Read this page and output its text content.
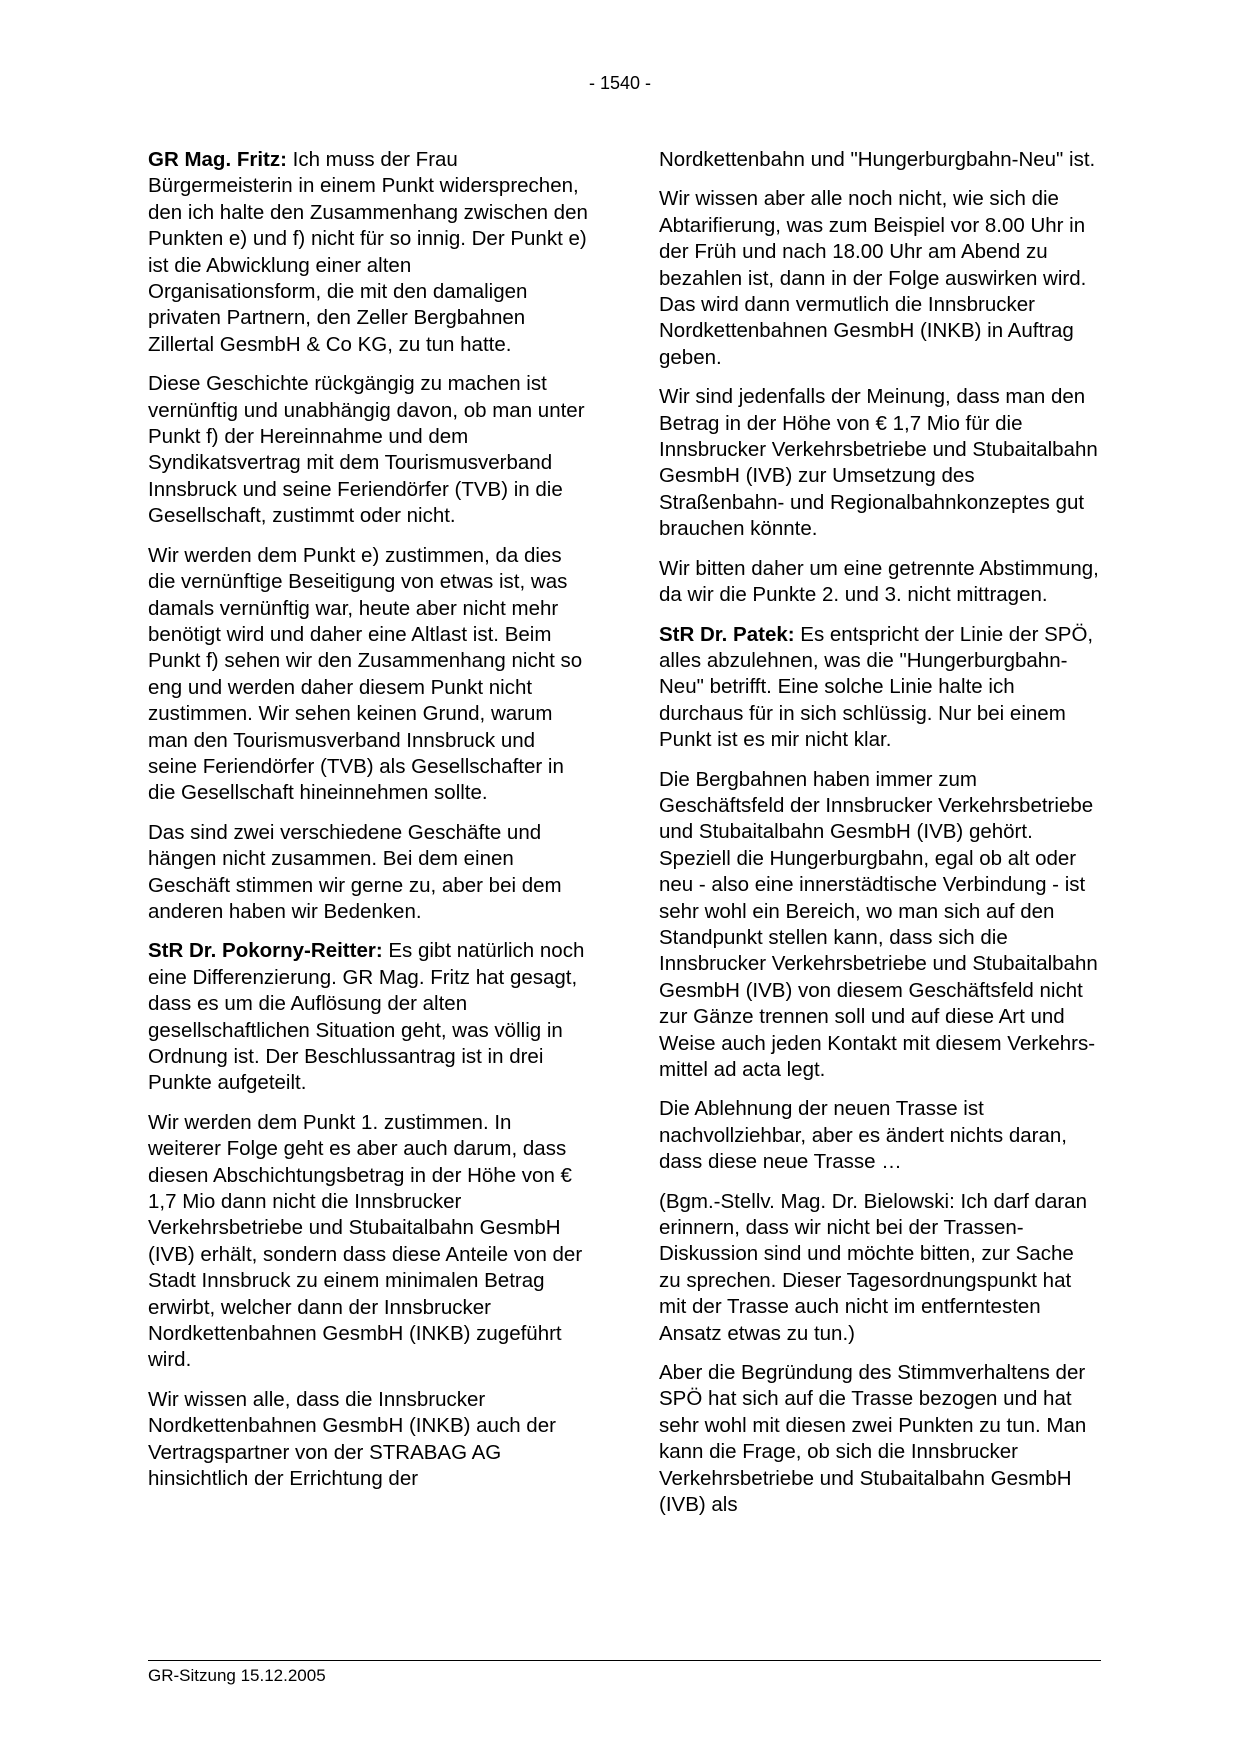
- 1540 -

GR Mag. Fritz: Ich muss der Frau Bürgermeisterin in einem Punkt widersprechen, den ich halte den Zusammenhang zwischen den Punkten e) und f) nicht für so innig. Der Punkt e) ist die Abwicklung einer alten Organisationsform, die mit den damaligen privaten Partnern, den Zeller Bergbahnen Zillertal GesmbH & Co KG, zu tun hatte.

Diese Geschichte rückgängig zu machen ist vernünftig und unabhängig davon, ob man unter Punkt f) der Hereinnahme und dem Syndikatsvertrag mit dem Tourismusverband Innsbruck und seine Feriendörfer (TVB) in die Gesellschaft, zustimmt oder nicht.

Wir werden dem Punkt e) zustimmen, da dies die vernünftige Beseitigung von etwas ist, was damals vernünftig war, heute aber nicht mehr benötigt wird und daher eine Altlast ist. Beim Punkt f) sehen wir den Zusammenhang nicht so eng und werden daher diesem Punkt nicht zustimmen. Wir sehen keinen Grund, warum man den Tourismusverband Innsbruck und seine Feriendörfer (TVB) als Gesellschafter in die Gesellschaft hineinnehmen sollte.

Das sind zwei verschiedene Geschäfte und hängen nicht zusammen. Bei dem einen Geschäft stimmen wir gerne zu, aber bei dem anderen haben wir Bedenken.

StR Dr. Pokorny-Reitter: Es gibt natürlich noch eine Differenzierung. GR Mag. Fritz hat gesagt, dass es um die Auflösung der alten gesellschaftlichen Situation geht, was völlig in Ordnung ist. Der Beschlussantrag ist in drei Punkte aufgeteilt.

Wir werden dem Punkt 1. zustimmen. In weiterer Folge geht es aber auch darum, dass diesen Abschichtungsbetrag in der Höhe von € 1,7 Mio dann nicht die Innsbrucker Verkehrsbetriebe und Stubaitalbahn GesmbH (IVB) erhält, sondern dass diese Anteile von der Stadt Innsbruck zu einem minimalen Betrag erwirbt, welcher dann der Innsbrucker Nordkettenbahnen GesmbH (INKB) zugeführt wird.

Wir wissen alle, dass die Innsbrucker Nordkettenbahnen GesmbH (INKB) auch der Vertragspartner von der STRABAG AG hinsichtlich der Errichtung der

Nordkettenbahn und "Hungerburgbahn-Neu" ist.

Wir wissen aber alle noch nicht, wie sich die Abtarifierung, was zum Beispiel vor 8.00 Uhr in der Früh und nach 18.00 Uhr am Abend zu bezahlen ist, dann in der Folge auswirken wird. Das wird dann vermutlich die Innsbrucker Nordkettenbahnen GesmbH (INKB) in Auftrag geben.

Wir sind jedenfalls der Meinung, dass man den Betrag in der Höhe von € 1,7 Mio für die Innsbrucker Verkehrsbetriebe und Stubaitalbahn GesmbH (IVB) zur Umsetzung des Straßenbahn- und Regionalbahnkonzeptes gut brauchen könnte.

Wir bitten daher um eine getrennte Abstimmung, da wir die Punkte 2. und 3. nicht mittragen.

StR Dr. Patek: Es entspricht der Linie der SPÖ, alles abzulehnen, was die "Hungerburgbahn-Neu" betrifft. Eine solche Linie halte ich durchaus für in sich schlüssig. Nur bei einem Punkt ist es mir nicht klar.

Die Bergbahnen haben immer zum Geschäftsfeld der Innsbrucker Verkehrsbetriebe und Stubaitalbahn GesmbH (IVB) gehört. Speziell die Hungerburgbahn, egal ob alt oder neu - also eine innerstädtische Verbindung - ist sehr wohl ein Bereich, wo man sich auf den Standpunkt stellen kann, dass sich die Innsbrucker Verkehrsbetriebe und Stubaitalbahn GesmbH (IVB) von diesem Geschäftsfeld nicht zur Gänze trennen soll und auf diese Art und Weise auch jeden Kontakt mit diesem Verkehrsmittel ad acta legt.

Die Ablehnung der neuen Trasse ist nachvollziehbar, aber es ändert nichts daran, dass diese neue Trasse …

(Bgm.-Stellv. Mag. Dr. Bielowski: Ich darf daran erinnern, dass wir nicht bei der Trassen-Diskussion sind und möchte bitten, zur Sache zu sprechen. Dieser Tagesordnungspunkt hat mit der Trasse auch nicht im entferntesten Ansatz etwas zu tun.)

Aber die Begründung des Stimmverhaltens der SPÖ hat sich auf die Trasse bezogen und hat sehr wohl mit diesen zwei Punkten zu tun. Man kann die Frage, ob sich die Innsbrucker Verkehrsbetriebe und Stubaitalbahn GesmbH (IVB) als

GR-Sitzung 15.12.2005
